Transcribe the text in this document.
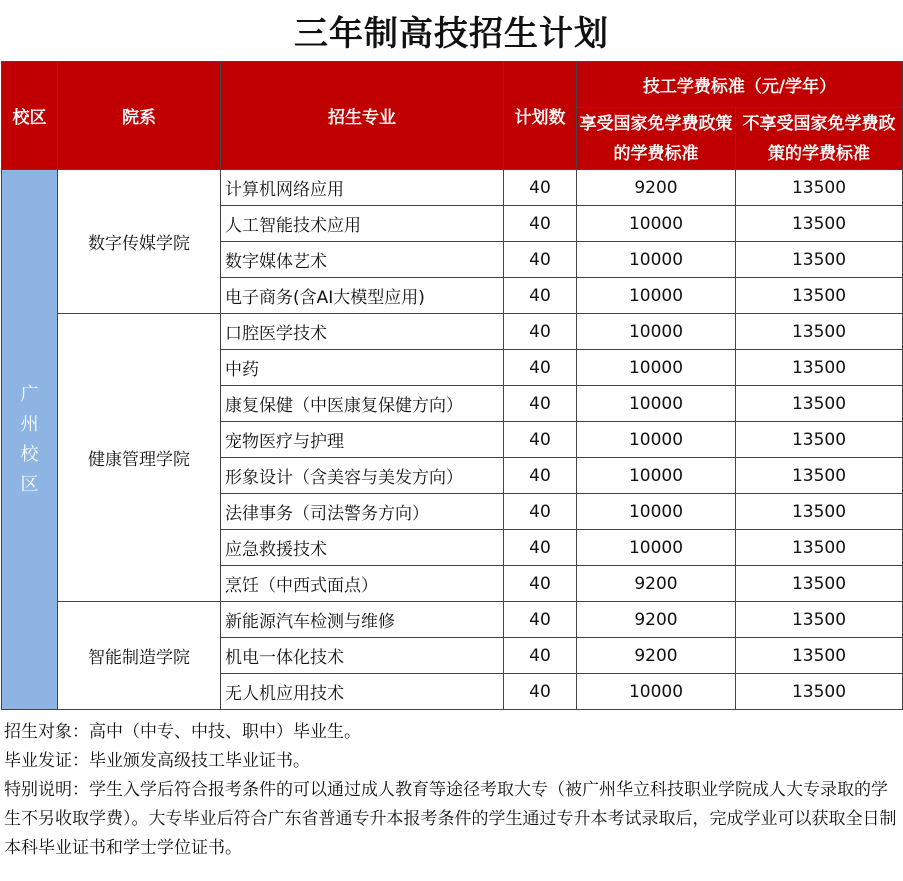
三年制高技招生计划
校区	院系	招生专业	计划数	技工学费标准（元/学年）	
				享受国家免学费政策的学费标准	不享受国家免学费政策的学费标准
广州校区	数字传媒学院	计算机网络应用	40	9200	13500
		人工智能技术应用	40	10000	13500
		数字媒体艺术	40	10000	13500
		电子商务(含AI大模型应用)	40	10000	13500
	健康管理学院	口腔医学技术	40	10000	13500
		中药	40	10000	13500
		康复保健（中医康复保健方向）	40	10000	13500
		宠物医疗与护理	40	10000	13500
		形象设计（含美容与美发方向）	40	10000	13500
		法律事务（司法警务方向）	40	10000	13500
		应急救援技术	40	10000	13500
		烹饪（中西式面点）	40	9200	13500
	智能制造学院	新能源汽车检测与维修	40	9200	13500
		机电一体化技术	40	9200	13500
		无人机应用技术	40	10000	13500

招生对象：高中（中专、中技、职中）毕业生。

毕业发证：毕业颁发高级技工毕业证书。

特别说明：学生入学后符合报考条件的可以通过成人教育等途径考取大专（被广州华立科技职业学院成人大专录取的学生不另收取学费）。大专毕业后符合广东省普通专升本报考条件的学生通过专升本考试录取后，完成学业可以获取全日制本科毕业证书和学士学位证书。
